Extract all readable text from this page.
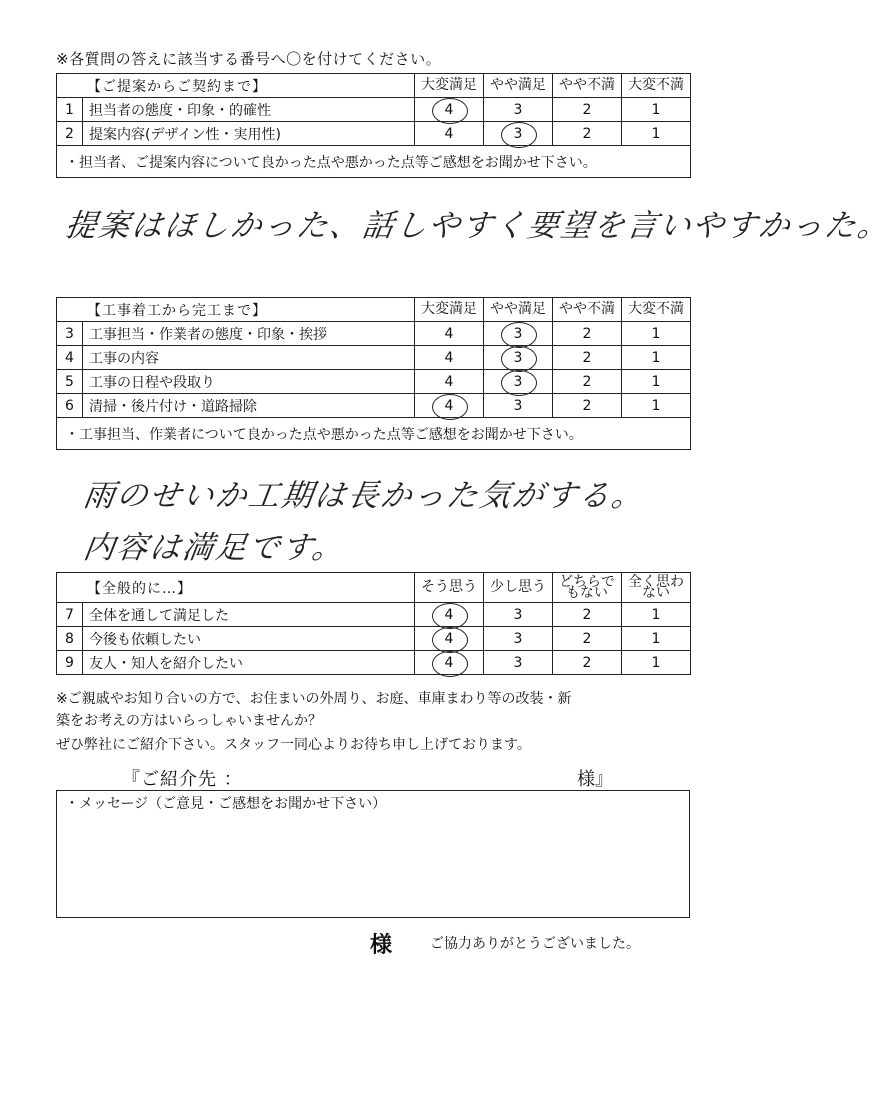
※各質問の答えに該当する番号へ〇を付けてください。
【ご提案からご契約まで】		大変満足	やや満足	やや不満	大変不満
1	担当者の態度・印象・的確性	4	3	2	1
2	提案内容(デザイン性・実用性)	4	3	2	1
・担当者、ご提案内容について良かった点や悪かった点等ご感想をお聞かせ下さい。					
【工事着工から完工まで】		大変満足	やや満足	やや不満	大変不満
3	工事担当・作業者の態度・印象・挨拶	4	3	2	1
4	工事の内容	4	3	2	1
5	工事の日程や段取り	4	3	2	1
6	清掃・後片付け・道路掃除	4	3	2	1
・工事担当、作業者について良かった点や悪かった点等ご感想をお聞かせ下さい。					
【全般的に…】		そう思う	少し思う	どちらでもない	全く思わない
7	全体を通して満足した	4	3	2	1
8	今後も依頼したい	4	3	2	1
9	友人・知人を紹介したい	4	3	2	1
※ご親戚やお知り合いの方で、お住まいの外周り、お庭、車庫まわり等の改装・新
築をお考えの方はいらっしゃいませんか？
ぜひ弊社にご紹介下さい。スタッフ一同心よりお待ち申し上げております。
『ご紹介先 ：	様』
・メッセージ（ご意見・ご感想をお聞かせ下さい）
様	ご協力ありがとうございました。
提案はほしかった、話しやすく要望を言いやすかった。
雨のせいか工期は長かった気がする。
内容は満足です。
